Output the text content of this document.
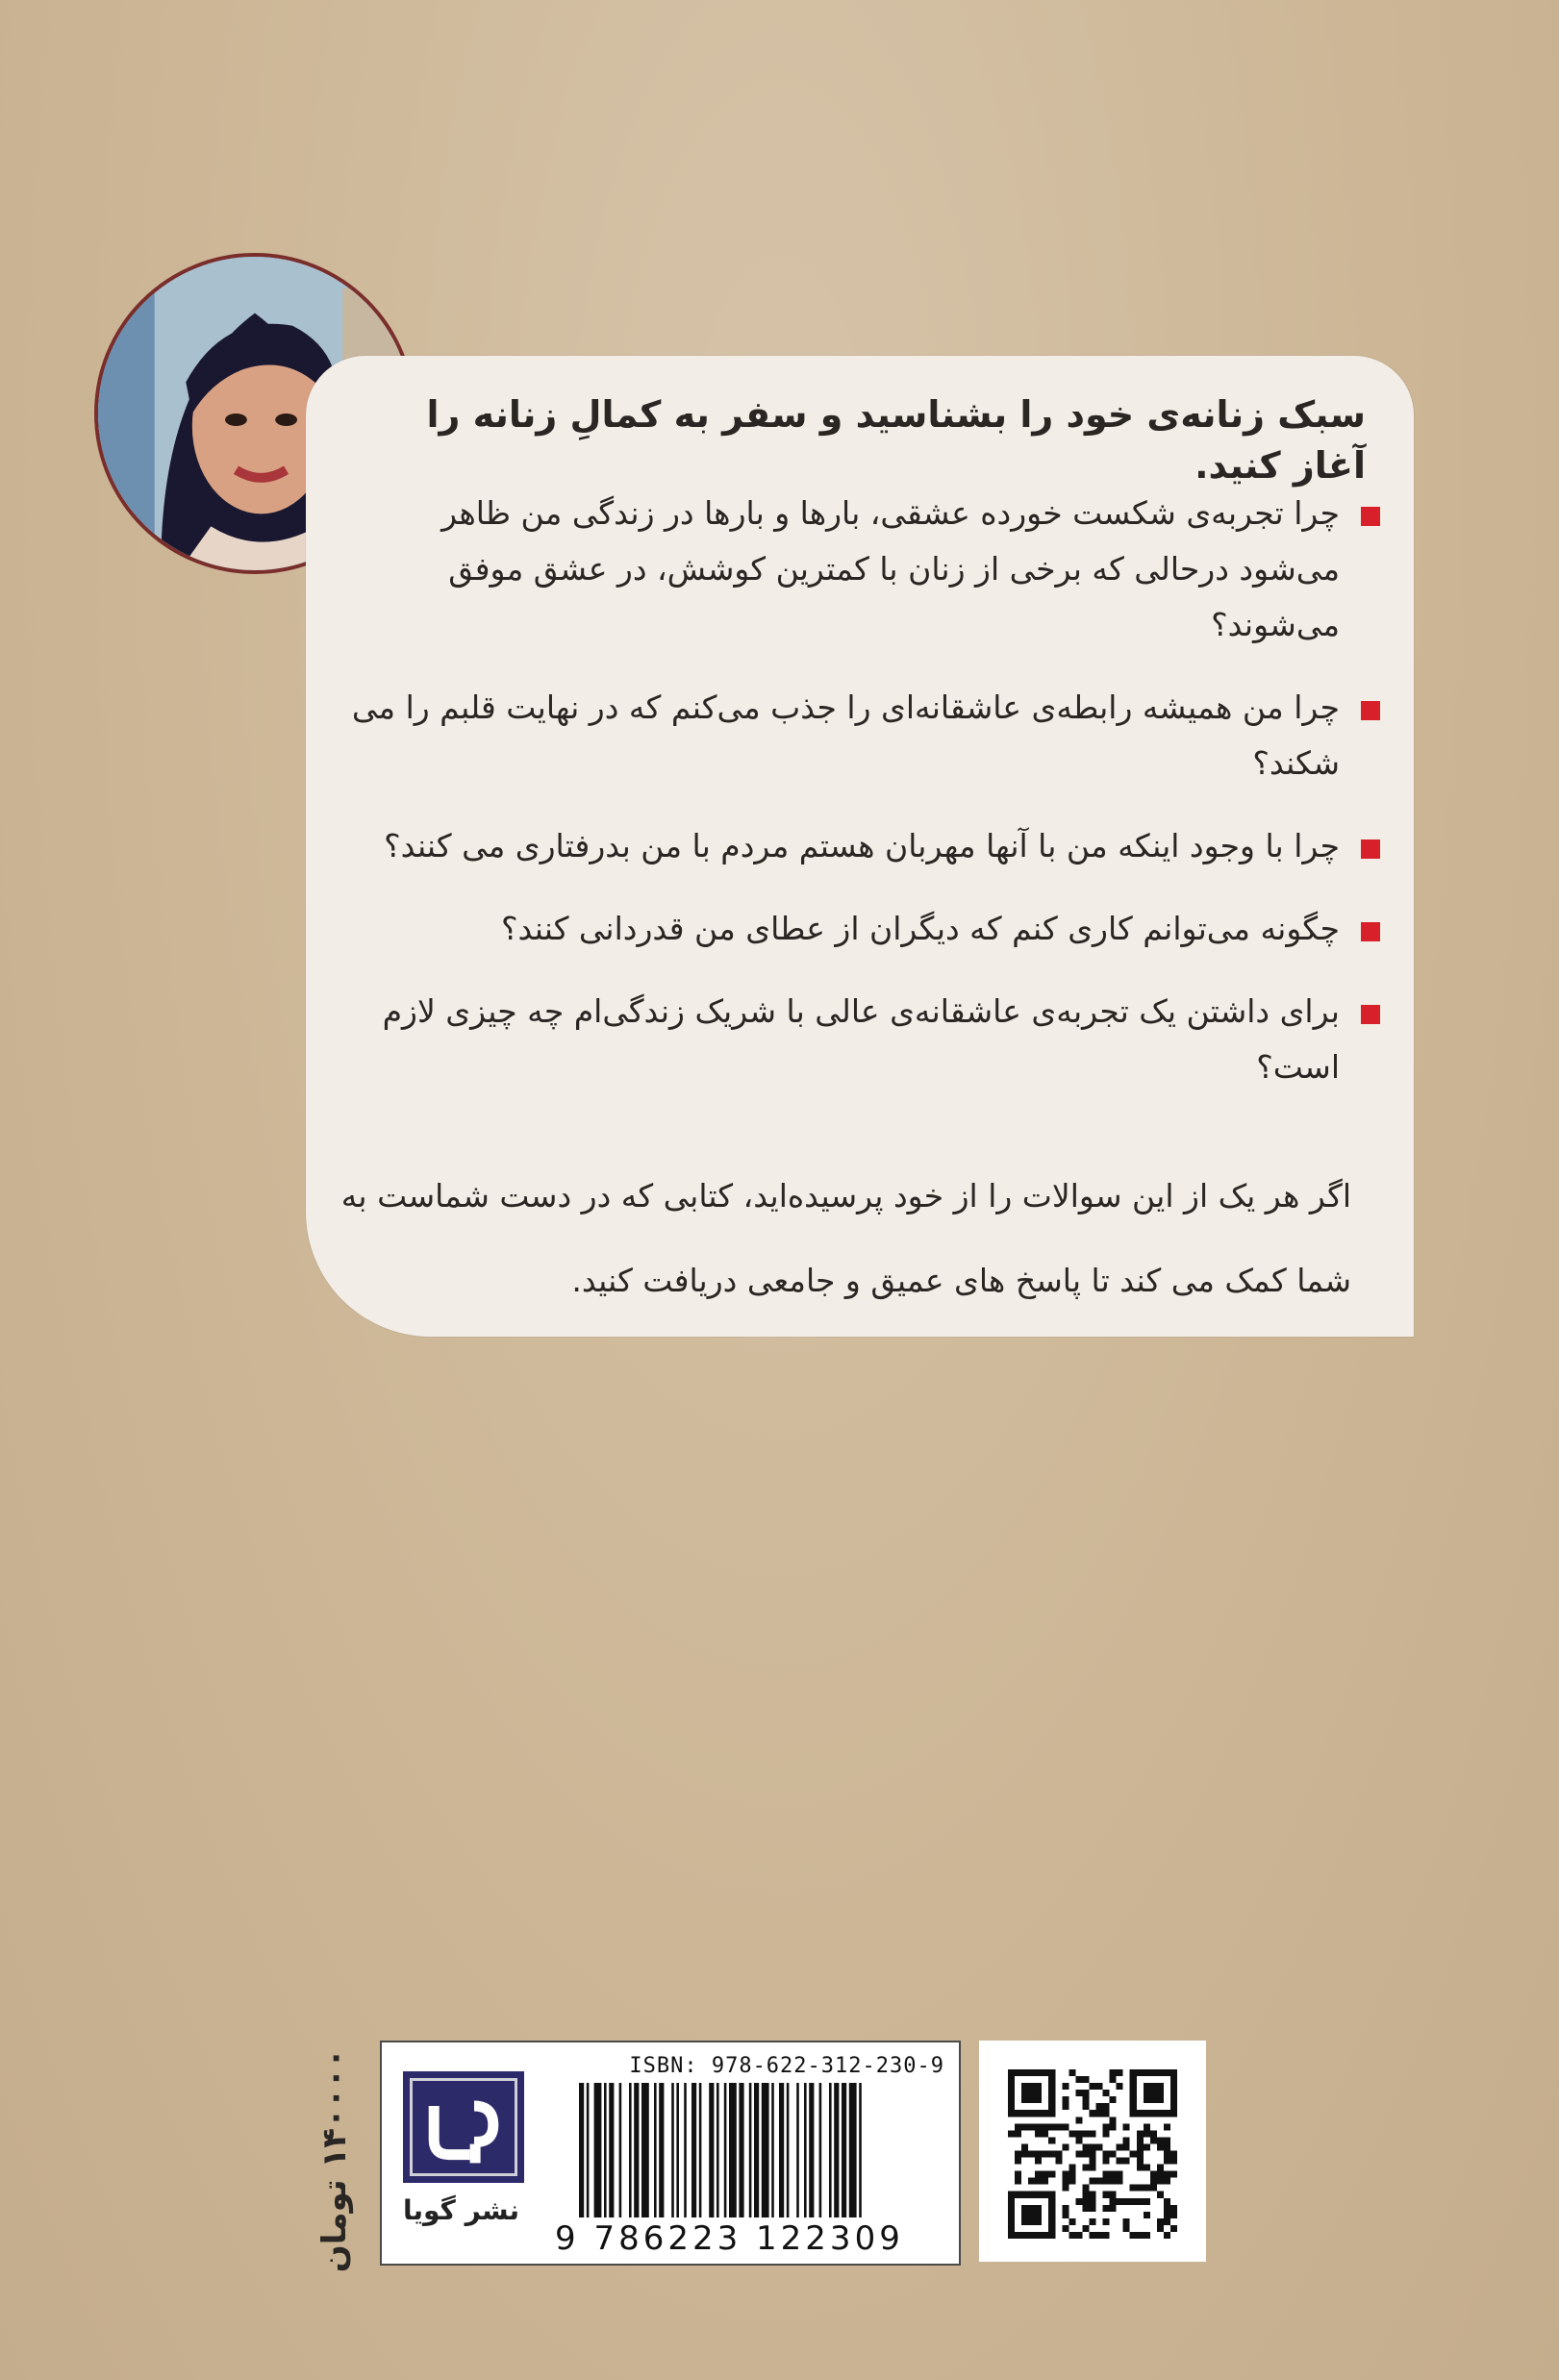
سبک زنانه‌ی خود را بشناسید و سفر به کمالِ زنانه را آغاز کنید.
چرا تجربه‌ی شکست خورده عشقی، بارها و بارها در زندگی من ظاهر می‌شود درحالی که برخی از زنان با کمترین کوشش، در عشق موفق می‌شوند؟
چرا من همیشه رابطه‌ی عاشقانه‌ای را جذب می‌کنم که در نهایت قلبم را می شکند؟
چرا با وجود اینکه من با آنها مهربان هستم مردم با من بدرفتاری می کنند؟
چگونه می‌توانم کاری کنم که دیگران از عطای من قدردانی کنند؟
برای داشتن یک تجربه‌ی عاشقانه‌ی عالی با شریک زندگی‌ام چه چیزی لازم است؟
اگر هر یک از این سوالات را از خود پرسیده‌اید، کتابی که در دست شماست به شما کمک می کند تا پاسخ های عمیق و جامعی دریافت کنید.
۱۴۰۰۰۰ تومان
نشر گویا
ISBN: 978-622-312-230-9
9 786223 122309
